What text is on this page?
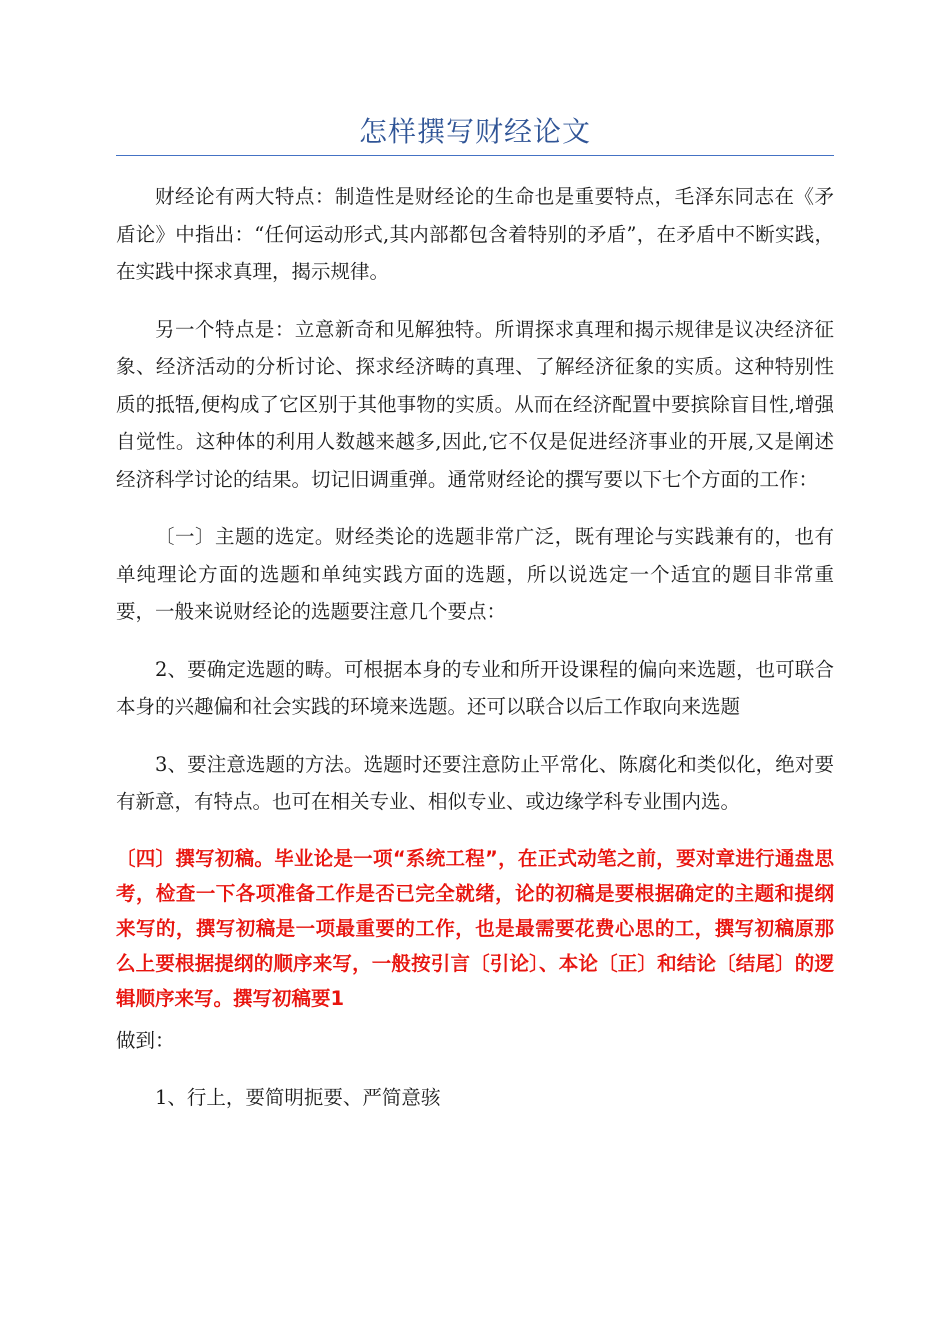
怎样撰写财经论文

财经论有两大特点：制造性是财经论的生命也是重要特点，毛泽东同志在《矛盾论》中指出：“任何运动形式,其内部都包含着特别的矛盾”，在矛盾中不断实践，在实践中探求真理，揭示规律。

另一个特点是：立意新奇和见解独特。所谓探求真理和揭示规律是议决经济征象、经济活动的分析讨论、探求经济畴的真理、了解经济征象的实质。这种特别性质的抵牾,便构成了它区别于其他事物的实质。从而在经济配置中要摈除盲目性,增强自觉性。这种体的利用人数越来越多,因此,它不仅是促进经济事业的开展,又是阐述经济科学讨论的结果。切记旧调重弹。通常财经论的撰写要以下七个方面的工作：

〔一〕主题的选定。财经类论的选题非常广泛，既有理论与实践兼有的，也有单纯理论方面的选题和单纯实践方面的选题，所以说选定一个适宜的题目非常重要，一般来说财经论的选题要注意几个要点：

2、要确定选题的畴。可根据本身的专业和所开设课程的偏向来选题，也可联合本身的兴趣偏和社会实践的环境来选题。还可以联合以后工作取向来选题

3、要注意选题的方法。选题时还要注意防止平常化、陈腐化和类似化，绝对要有新意，有特点。也可在相关专业、相似专业、或边缘学科专业围内选。

〔四〕撰写初稿。毕业论是一项“系统工程”，在正式动笔之前，要对章进行通盘思考，检查一下各项准备工作是否已完全就绪，论的初稿是要根据确定的主题和提纲来写的，撰写初稿是一项最重要的工作，也是最需要花费心思的工，撰写初稿原那么上要根据提纲的顺序来写，一般按引言〔引论〕、本论〔正〕和结论〔结尾〕的逻辑顺序来写。撰写初稿要1

做到：

1、行上，要简明扼要、严简意骇
